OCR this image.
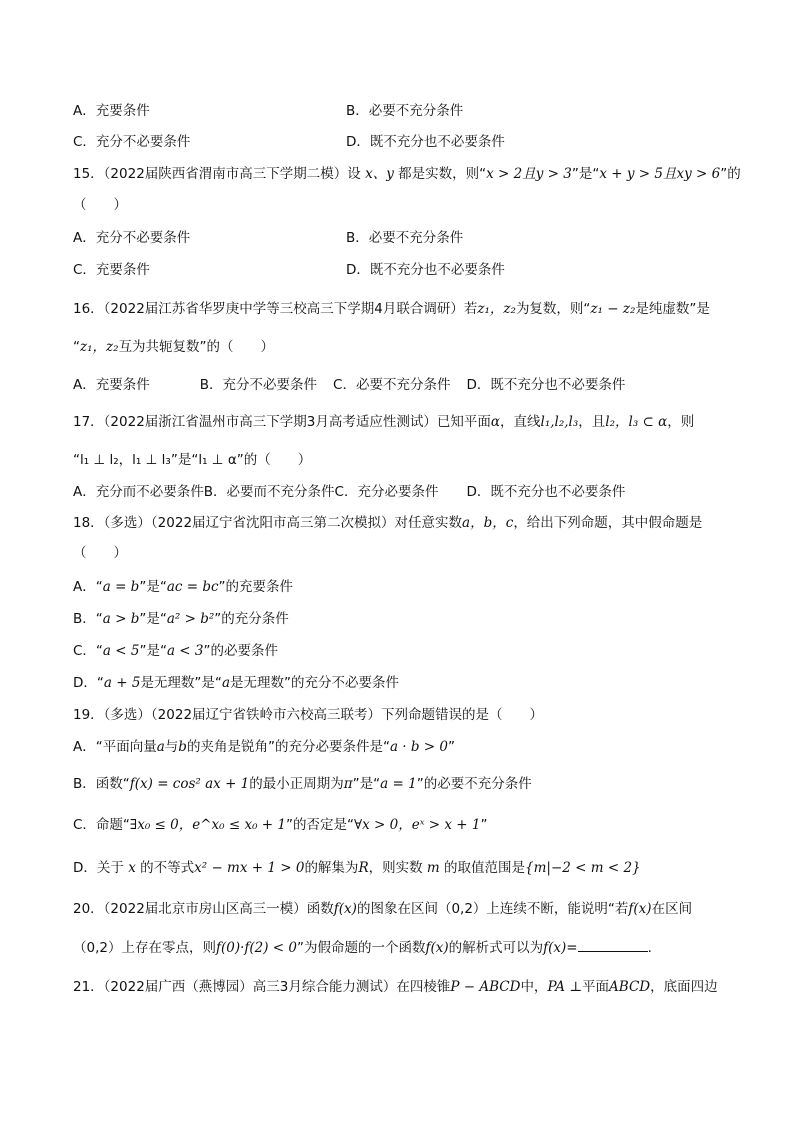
A．充要条件	B．必要不充分条件
C．充分不必要条件	D．既不充分也不必要条件
15．（2022届陕西省渭南市高三下学期二模）设 x、y 都是实数，则“x > 2且y > 3”是“x + y > 5且xy > 6”的
（　　）
A．充分不必要条件	B．必要不充分条件
C．充要条件	D．既不充分也不必要条件
16．（2022届江苏省华罗庚中学等三校高三下学期4月联合调研）若z₁，z₂为复数，则“z₁ − z₂是纯虚数”是
“z₁，z₂互为共轭复数”的（　　）
A．充要条件	B．充分不必要条件 C．必要不充分条件 D．既不充分也不必要条件
17．（2022届浙江省温州市高三下学期3月高考适应性测试）已知平面α，直线l₁,l₂,l₃，且l₂，l₃ ⊂ α，则
“l₁ ⊥ l₂，l₁ ⊥ l₃”是“l₁ ⊥ α”的（　　）
A．充分而不必要条件B．必要而不充分条件C．充分必要条件 D．既不充分也不必要条件
18．（多选）（2022届辽宁省沈阳市高三第二次模拟）对任意实数a，b，c，给出下列命题，其中假命题是
（　　）
A．“a = b”是“ac = bc”的充要条件
B．“a > b”是“a² > b²”的充分条件
C．“a < 5”是“a < 3”的必要条件
D．“a + 5是无理数”是“a是无理数”的充分不必要条件
19．（多选）（2022届辽宁省铁岭市六校高三联考）下列命题错误的是（　　）
A．“平面向量a与b的夹角是锐角”的充分必要条件是“a · b > 0”
B．函数“f(x) = cos² ax + 1的最小正周期为π”是“a = 1”的必要不充分条件
C．命题“∃x₀ ≤ 0，e^x₀ ≤ x₀ + 1”的否定是“∀x > 0，eˣ > x + 1”
D．关于 x 的不等式x² − mx + 1 > 0的解集为R，则实数 m 的取值范围是{m|−2 < m < 2}
20．（2022届北京市房山区高三一模）函数f(x)的图象在区间（0,2）上连续不断，能说明“若f(x)在区间
（0,2）上存在零点，则f(0)·f(2) < 0”为假命题的一个函数f(x)的解析式可以为f(x)=	.
21．（2022届广西（燕博园）高三3月综合能力测试）在四棱锥P − ABCD中，PA ⊥平面ABCD，底面四边
